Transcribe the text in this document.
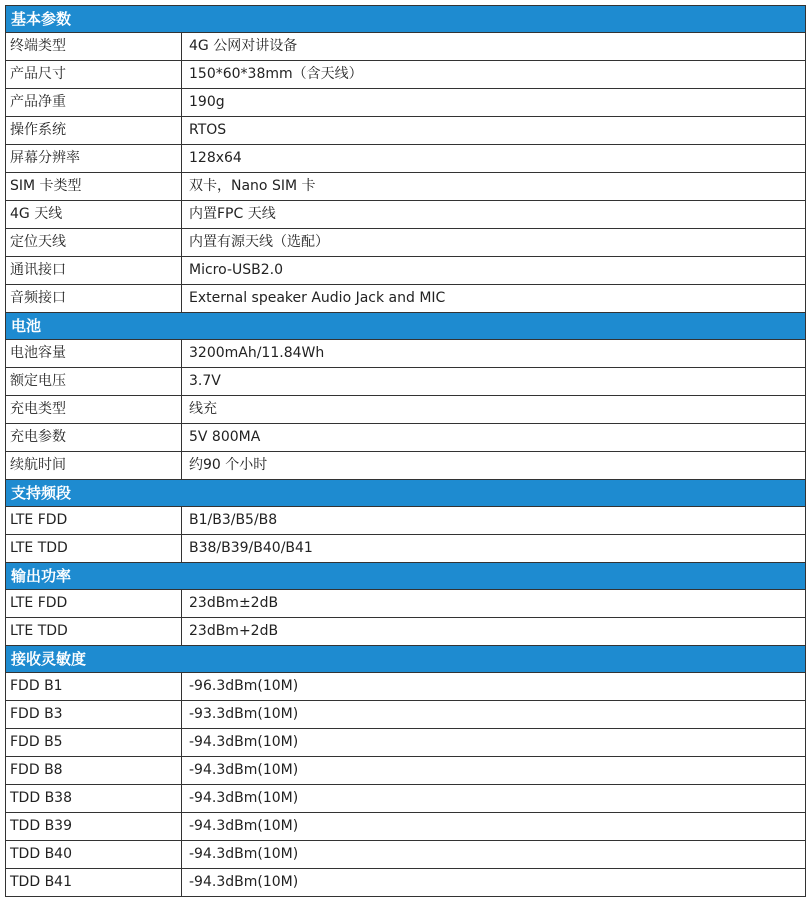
基本参数	
终端类型	4G 公网对讲设备
产品尺寸	150*60*38mm（含天线）
产品净重	190g
操作系统	RTOS
屏幕分辨率	128x64
SIM 卡类型	双卡，Nano SIM 卡
4G 天线	内置FPC 天线
定位天线	内置有源天线（选配）
通讯接口	Micro-USB2.0
音频接口	External speaker Audio Jack and MIC
电池	
电池容量	3200mAh/11.84Wh
额定电压	3.7V
充电类型	线充
充电参数	5V 800MA
续航时间	约90 个小时
支持频段	
LTE FDD	B1/B3/B5/B8
LTE TDD	B38/B39/B40/B41
输出功率	
LTE FDD	23dBm±2dB
LTE TDD	23dBm+2dB
接收灵敏度	
FDD B1	-96.3dBm(10M)
FDD B3	-93.3dBm(10M)
FDD B5	-94.3dBm(10M)
FDD B8	-94.3dBm(10M)
TDD B38	-94.3dBm(10M)
TDD B39	-94.3dBm(10M)
TDD B40	-94.3dBm(10M)
TDD B41	-94.3dBm(10M)
